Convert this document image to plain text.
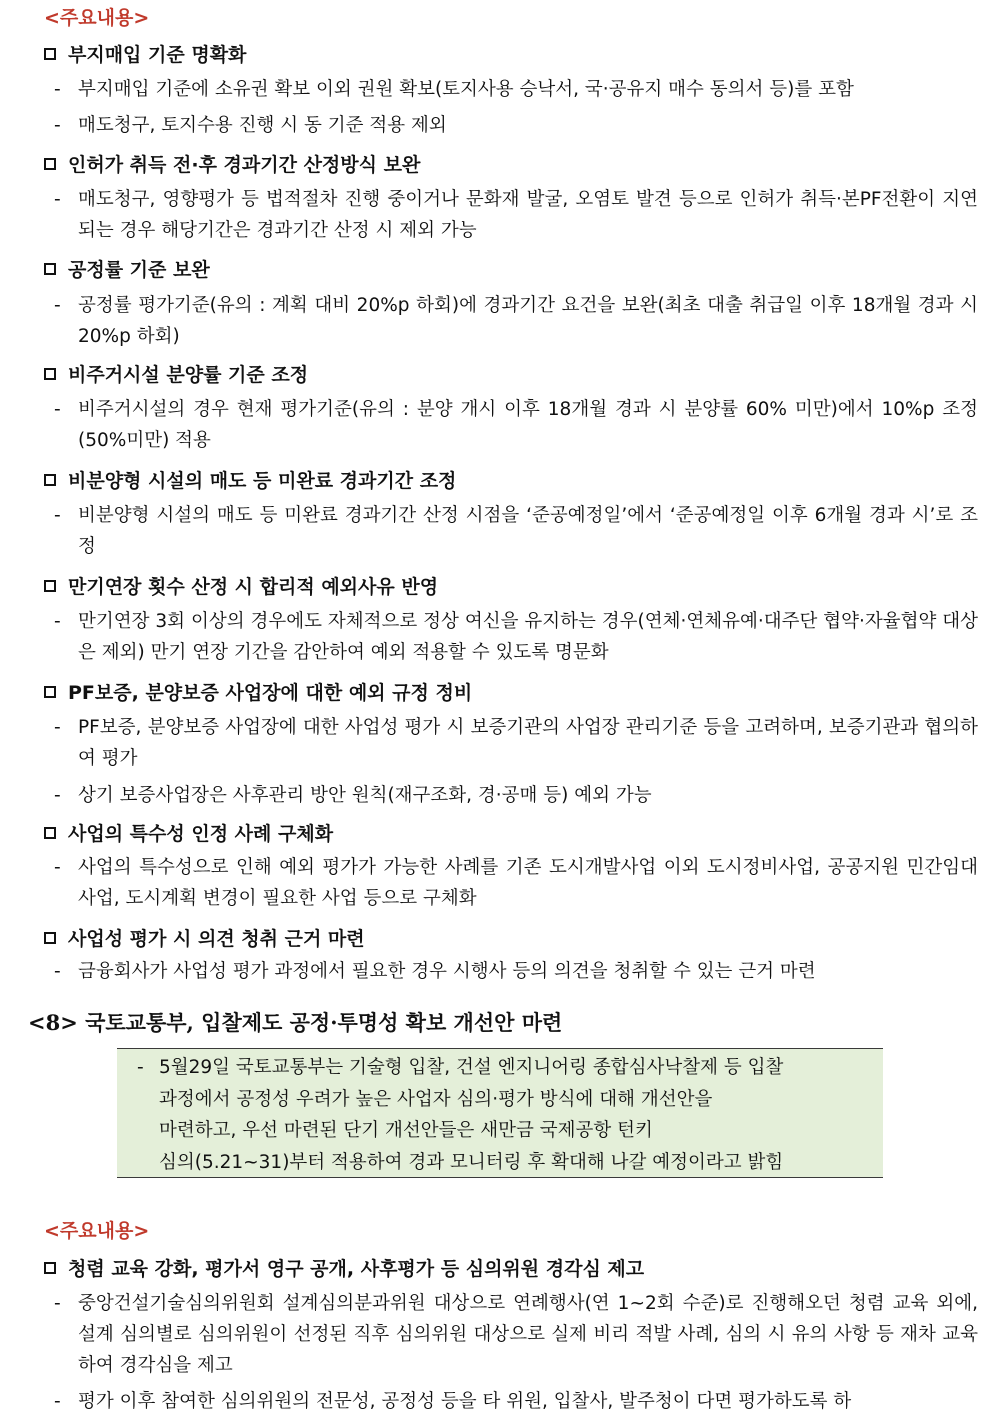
<주요내용>
부지매입 기준 명확화
- 부지매입 기준에 소유권 확보 이외 권원 확보(토지사용 승낙서, 국·공유지 매수 동의서 등)를 포함
- 매도청구, 토지수용 진행 시 동 기준 적용 제외
인허가 취득 전·후 경과기간 산정방식 보완
- 매도청구, 영향평가 등 법적절차 진행 중이거나 문화재 발굴, 오염토 발견 등으로 인허가 취득·본PF전환이 지연되는 경우 해당기간은 경과기간 산정 시 제외 가능
공정률 기준 보완
- 공정률 평가기준(유의 : 계획 대비 20%p 하회)에 경과기간 요건을 보완(최초 대출 취급일 이후 18개월 경과 시 20%p 하회)
비주거시설 분양률 기준 조정
- 비주거시설의 경우 현재 평가기준(유의 : 분양 개시 이후 18개월 경과 시 분양률 60% 미만)에서 10%p 조정(50%미만) 적용
비분양형 시설의 매도 등 미완료 경과기간 조정
- 비분양형 시설의 매도 등 미완료 경과기간 산정 시점을 ‘준공예정일’에서 ‘준공예정일 이후 6개월 경과 시’로 조정
만기연장 횟수 산정 시 합리적 예외사유 반영
- 만기연장 3회 이상의 경우에도 자체적으로 정상 여신을 유지하는 경우(연체·연체유예·대주단 협약·자율협약 대상은 제외) 만기 연장 기간을 감안하여 예외 적용할 수 있도록 명문화
PF보증, 분양보증 사업장에 대한 예외 규정 정비
- PF보증, 분양보증 사업장에 대한 사업성 평가 시 보증기관의 사업장 관리기준 등을 고려하며, 보증기관과 협의하여 평가
- 상기 보증사업장은 사후관리 방안 원칙(재구조화, 경·공매 등) 예외 가능
사업의 특수성 인정 사례 구체화
- 사업의 특수성으로 인해 예외 평가가 가능한 사례를 기존 도시개발사업 이외 도시정비사업, 공공지원 민간임대 사업, 도시계획 변경이 필요한 사업 등으로 구체화
사업성 평가 시 의견 청취 근거 마련
- 금융회사가 사업성 평가 과정에서 필요한 경우 시행사 등의 의견을 청취할 수 있는 근거 마련
<8> 국토교통부, 입찰제도 공정·투명성 확보 개선안 마련
- 5월29일 국토교통부는 기술형 입찰, 건설 엔지니어링 종합심사낙찰제 등 입찰
과정에서 공정성 우려가 높은 사업자 심의·평가 방식에 대해 개선안을
마련하고, 우선 마련된 단기 개선안들은 새만금 국제공항 턴키
심의(5.21~31)부터 적용하여 경과 모니터링 후 확대해 나갈 예정이라고 밝힘
<주요내용>
청렴 교육 강화, 평가서 영구 공개, 사후평가 등 심의위원 경각심 제고
- 중앙건설기술심의위원회 설계심의분과위원 대상으로 연례행사(연 1~2회 수준)로 진행해오던 청렴 교육 외에, 설계 심의별로 심의위원이 선정된 직후 심의위원 대상으로 실제 비리 적발 사례, 심의 시 유의 사항 등 재차 교육하여 경각심을 제고
- 평가 이후 참여한 심의위원의 전문성, 공정성 등을 타 위원, 입찰사, 발주청이 다면 평가하도록 하
